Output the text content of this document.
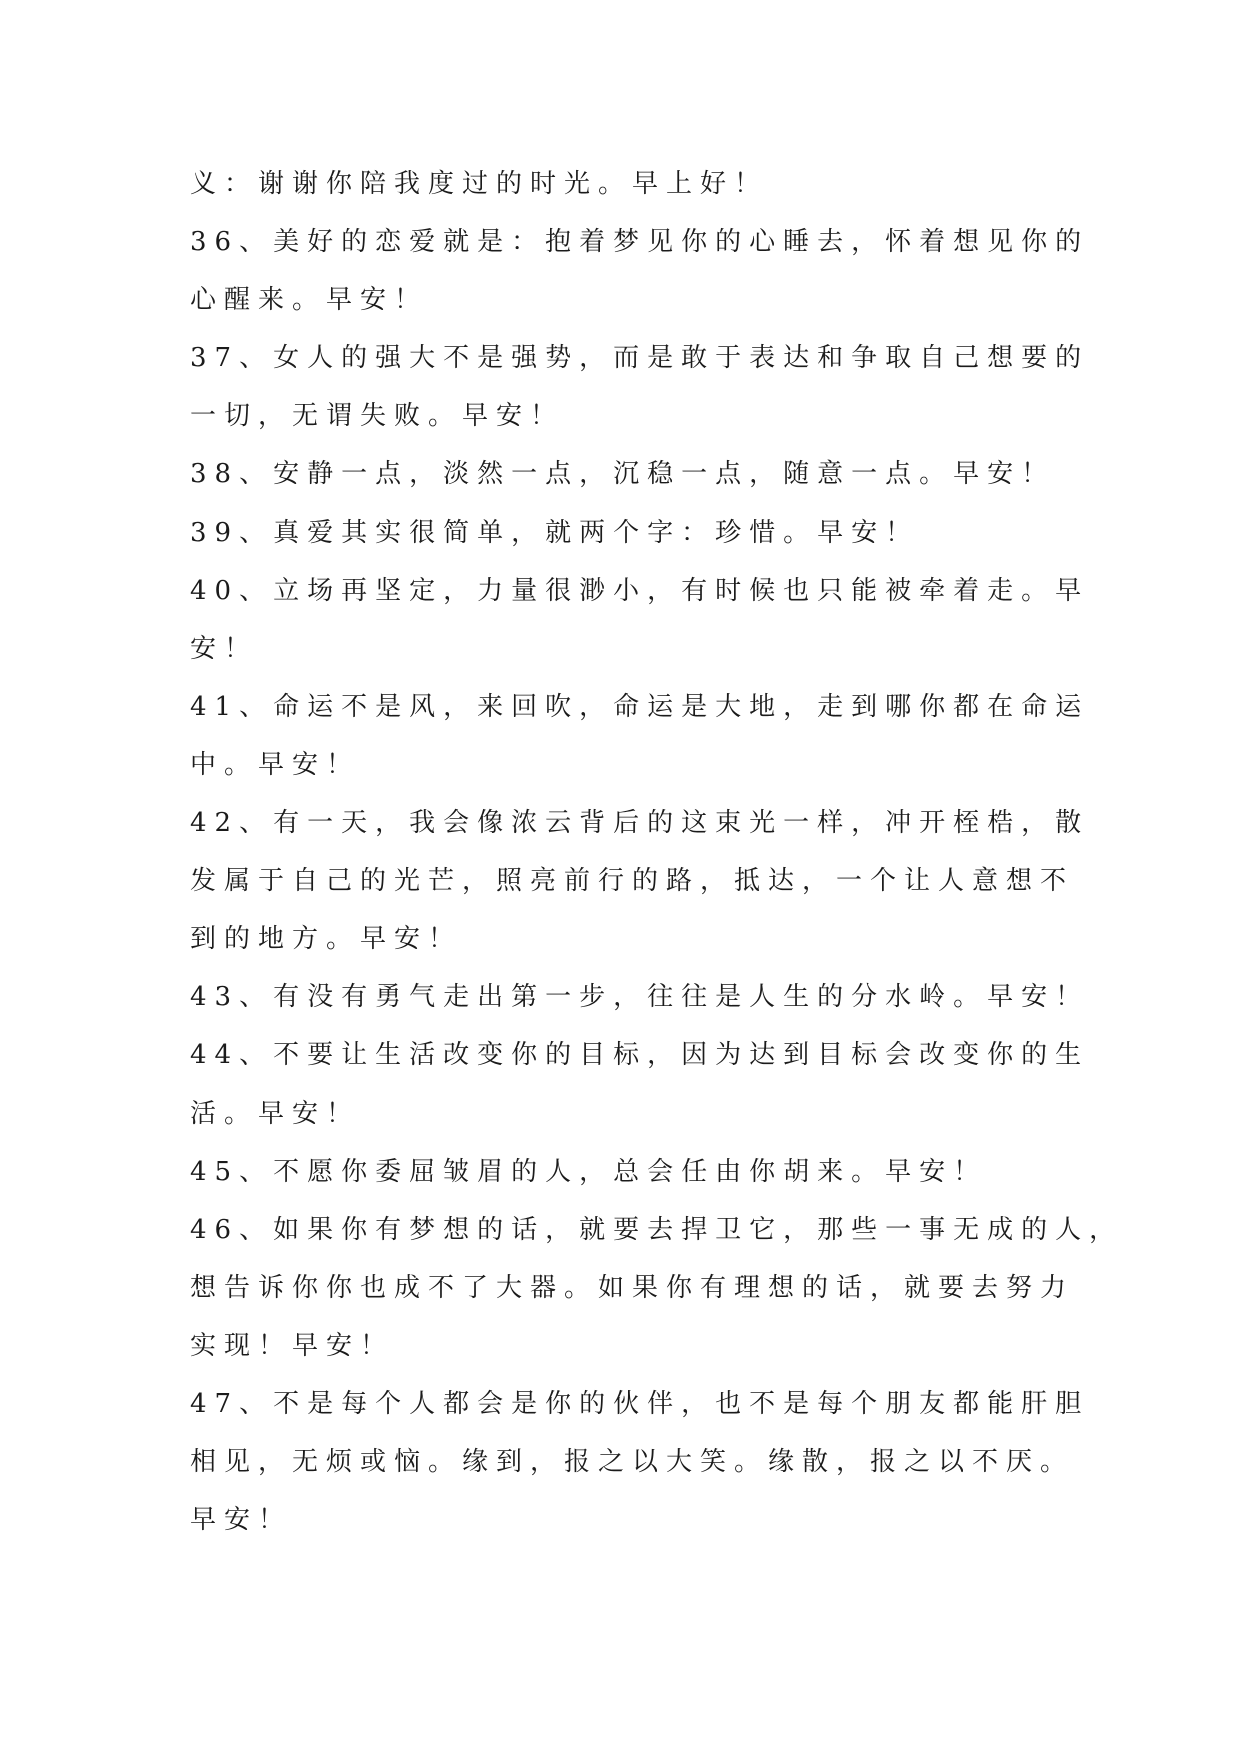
义：谢谢你陪我度过的时光。早上好！
36、美好的恋爱就是：抱着梦见你的心睡去，怀着想见你的
心醒来。早安！
37、女人的强大不是强势，而是敢于表达和争取自己想要的
一切，无谓失败。早安！
38、安静一点，淡然一点，沉稳一点，随意一点。早安！
39、真爱其实很简单，就两个字：珍惜。早安！
40、立场再坚定，力量很渺小，有时候也只能被牵着走。早
安！
41、命运不是风，来回吹，命运是大地，走到哪你都在命运
中。早安！
42、有一天，我会像浓云背后的这束光一样，冲开桎梏，散
发属于自己的光芒，照亮前行的路，抵达，一个让人意想不
到的地方。早安！
43、有没有勇气走出第一步，往往是人生的分水岭。早安！
44、不要让生活改变你的目标，因为达到目标会改变你的生
活。早安！
45、不愿你委屈皱眉的人，总会任由你胡来。早安！
46、如果你有梦想的话，就要去捍卫它，那些一事无成的人，
想告诉你你也成不了大器。如果你有理想的话，就要去努力
实现！早安！
47、不是每个人都会是你的伙伴，也不是每个朋友都能肝胆
相见，无烦或恼。缘到，报之以大笑。缘散，报之以不厌。
早安！
